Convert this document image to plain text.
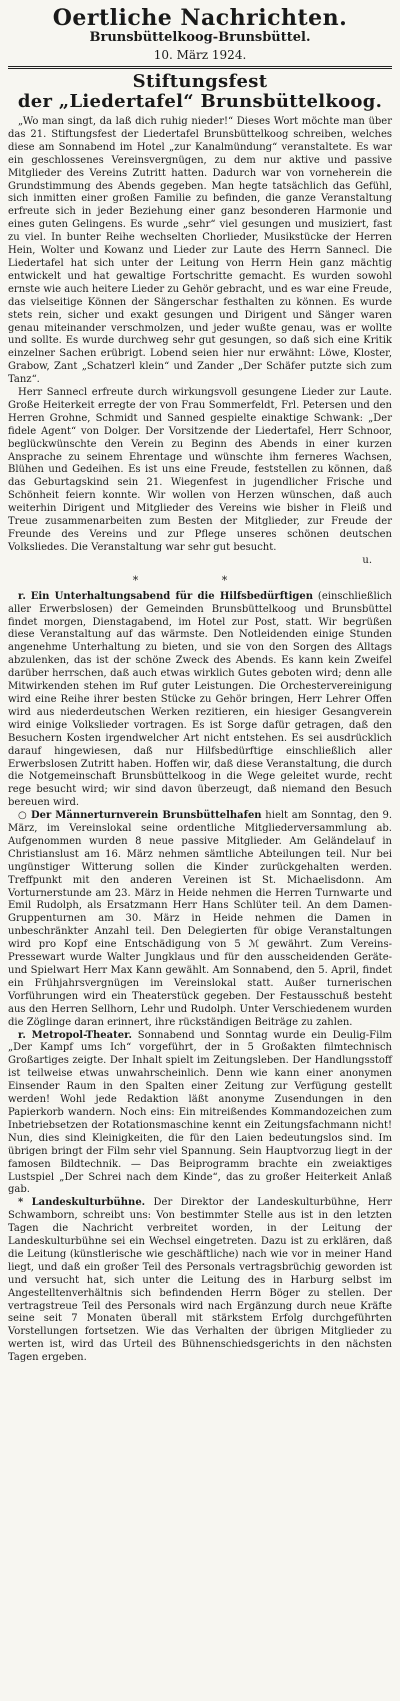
Oertliche Nachrichten.
Brunsbüttelkoog-Brunsbüttel.
10. März 1924.
Stiftungsfest
der „Liedertafel“ Brunsbüttelkoog.

„Wo man singt, da laß dich ruhig nieder!“ Dieses Wort möchte man über das 21. Stiftungsfest der Liedertafel Brunsbüttelkoog schreiben, welches diese am Sonnabend im Hotel „zur Kanalmündung“ veranstaltete. Es war ein geschlossenes Vereinsvergnügen, zu dem nur aktive und passive Mitglieder des Vereins Zutritt hatten. Dadurch war von vorneherein die Grundstimmung des Abends gegeben. Man hegte tatsächlich das Gefühl, sich inmitten einer großen Familie zu befinden, die ganze Veranstaltung erfreute sich in jeder Beziehung einer ganz besonderen Harmonie und eines guten Gelingens. Es wurde „sehr“ viel gesungen und musiziert, fast zu viel. In bunter Reihe wechselten Chorlieder, Musikstücke der Herren Hein, Wolter und Kowanz und Lieder zur Laute des Herrn Sannecl. Die Liedertafel hat sich unter der Leitung von Herrn Hein ganz mächtig entwickelt und hat gewaltige Fortschritte gemacht. Es wurden sowohl ernste wie auch heitere Lieder zu Gehör gebracht, und es war eine Freude, das vielseitige Können der Sängerschar festhalten zu können. Es wurde stets rein, sicher und exakt gesungen und Dirigent und Sänger waren genau miteinander verschmolzen, und jeder wußte genau, was er wollte und sollte. Es wurde durchweg sehr gut gesungen, so daß sich eine Kritik einzelner Sachen erübrigt. Lobend seien hier nur erwähnt: Löwe, Kloster, Grabow, Zant „Schatzerl klein“ und Zander „Der Schäfer putzte sich zum Tanz“.

Herr Sannecl erfreute durch wirkungsvoll gesungene Lieder zur Laute. Große Heiterkeit erregte der von Frau Sommerfeldt, Frl. Petersen und den Herren Grohne, Schmidt und Sanned gespielte einaktige Schwank: „Der fidele Agent“ von Dolger. Der Vorsitzende der Liedertafel, Herr Schnoor, beglückwünschte den Verein zu Beginn des Abends in einer kurzen Ansprache zu seinem Ehrentage und wünschte ihm ferneres Wachsen, Blühen und Gedeihen. Es ist uns eine Freude, feststellen zu können, daß das Geburtagskind sein 21. Wiegenfest in jugendlicher Frische und Schönheit feiern konnte. Wir wollen von Herzen wünschen, daß auch weiterhin Dirigent und Mitglieder des Vereins wie bisher in Fleiß und Treue zusammenarbeiten zum Besten der Mitglieder, zur Freude der Freunde des Vereins und zur Pflege unseres schönen deutschen Volksliedes. Die Veranstaltung war sehr gut besucht.

u.
* *

r. Ein Unterhaltungsabend für die Hilfsbedürftigen (einschließlich aller Erwerbslosen) der Gemeinden Brunsbüttelkoog und Brunsbüttel findet morgen, Dienstagabend, im Hotel zur Post, statt. Wir begrüßen diese Veranstaltung auf das wärmste. Den Notleidenden einige Stunden angenehme Unterhaltung zu bieten, und sie von den Sorgen des Alltags abzulenken, das ist der schöne Zweck des Abends. Es kann kein Zweifel darüber herrschen, daß auch etwas wirklich Gutes geboten wird; denn alle Mitwirkenden stehen im Ruf guter Leistungen. Die Orchestervereinigung wird eine Reihe ihrer besten Stücke zu Gehör bringen, Herr Lehrer Offen wird aus niederdeutschen Werken rezitieren, ein hiesiger Gesangverein wird einige Volkslieder vortragen. Es ist Sorge dafür getragen, daß den Besuchern Kosten irgendwelcher Art nicht entstehen. Es sei ausdrücklich darauf hingewiesen, daß nur Hilfsbedürftige einschließlich aller Erwerbslosen Zutritt haben. Hoffen wir, daß diese Veranstaltung, die durch die Notgemeinschaft Brunsbüttelkoog in die Wege geleitet wurde, recht rege besucht wird; wir sind davon überzeugt, daß niemand den Besuch bereuen wird.

○ Der Männerturnverein Brunsbüttelhafen hielt am Sonntag, den 9. März, im Vereinslokal seine ordentliche Mitgliederversammlung ab. Aufgenommen wurden 8 neue passive Mitglieder. Am Geländelauf in Christianslust am 16. März nehmen sämtliche Abteilungen teil. Nur bei ungünstiger Witterung sollen die Kinder zurückgehalten werden. Treffpunkt mit den anderen Vereinen ist St. Michaelisdonn. Am Vorturnerstunde am 23. März in Heide nehmen die Herren Turnwarte und Emil Rudolph, als Ersatzmann Herr Hans Schlüter teil. An dem Damen-Gruppenturnen am 30. März in Heide nehmen die Damen in unbeschränkter Anzahl teil. Den Delegierten für obige Veranstaltungen wird pro Kopf eine Entschädigung von 5 ℳ gewährt. Zum Vereins-Pressewart wurde Walter Jungklaus und für den ausscheidenden Geräte- und Spielwart Herr Max Kann gewählt. Am Sonnabend, den 5. April, findet ein Frühjahrsvergnügen im Vereinslokal statt. Außer turnerischen Vorführungen wird ein Theaterstück gegeben. Der Festausschuß besteht aus den Herren Sellhorn, Lehr und Rudolph. Unter Verschiedenem wurden die Zöglinge daran erinnert, ihre rückständigen Beiträge zu zahlen.

r. Metropol-Theater. Sonnabend und Sonntag wurde ein Deulig-Film „Der Kampf ums Ich“ vorgeführt, der in 5 Großakten filmtechnisch Großartiges zeigte. Der Inhalt spielt im Zeitungsleben. Der Handlungsstoff ist teilweise etwas unwahrscheinlich. Denn wie kann einer anonymen Einsender Raum in den Spalten einer Zeitung zur Verfügung gestellt werden! Wohl jede Redaktion läßt anonyme Zusendungen in den Papierkorb wandern. Noch eins: Ein mitreißendes Kommandozeichen zum Inbetriebsetzen der Rotationsmaschine kennt ein Zeitungsfachmann nicht! Nun, dies sind Kleinigkeiten, die für den Laien bedeutungslos sind. Im übrigen bringt der Film sehr viel Spannung. Sein Hauptvorzug liegt in der famosen Bildtechnik. — Das Beiprogramm brachte ein zweiaktiges Lustspiel „Der Schrei nach dem Kinde“, das zu großer Heiterkeit Anlaß gab.

* Landeskulturbühne. Der Direktor der Landeskulturbühne, Herr Schwamborn, schreibt uns: Von bestimmter Stelle aus ist in den letzten Tagen die Nachricht verbreitet worden, in der Leitung der Landeskulturbühne sei ein Wechsel eingetreten. Dazu ist zu erklären, daß die Leitung (künstlerische wie geschäftliche) nach wie vor in meiner Hand liegt, und daß ein großer Teil des Personals vertragsbrüchig geworden ist und versucht hat, sich unter die Leitung des in Harburg selbst im Angestelltenverhältnis sich befindenden Herrn Böger zu stellen. Der vertragstreue Teil des Personals wird nach Ergänzung durch neue Kräfte seine seit 7 Monaten überall mit stärkstem Erfolg durchgeführten Vorstellungen fortsetzen. Wie das Verhalten der übrigen Mitglieder zu werten ist, wird das Urteil des Bühnenschiedsgerichts in den nächsten Tagen ergeben.
